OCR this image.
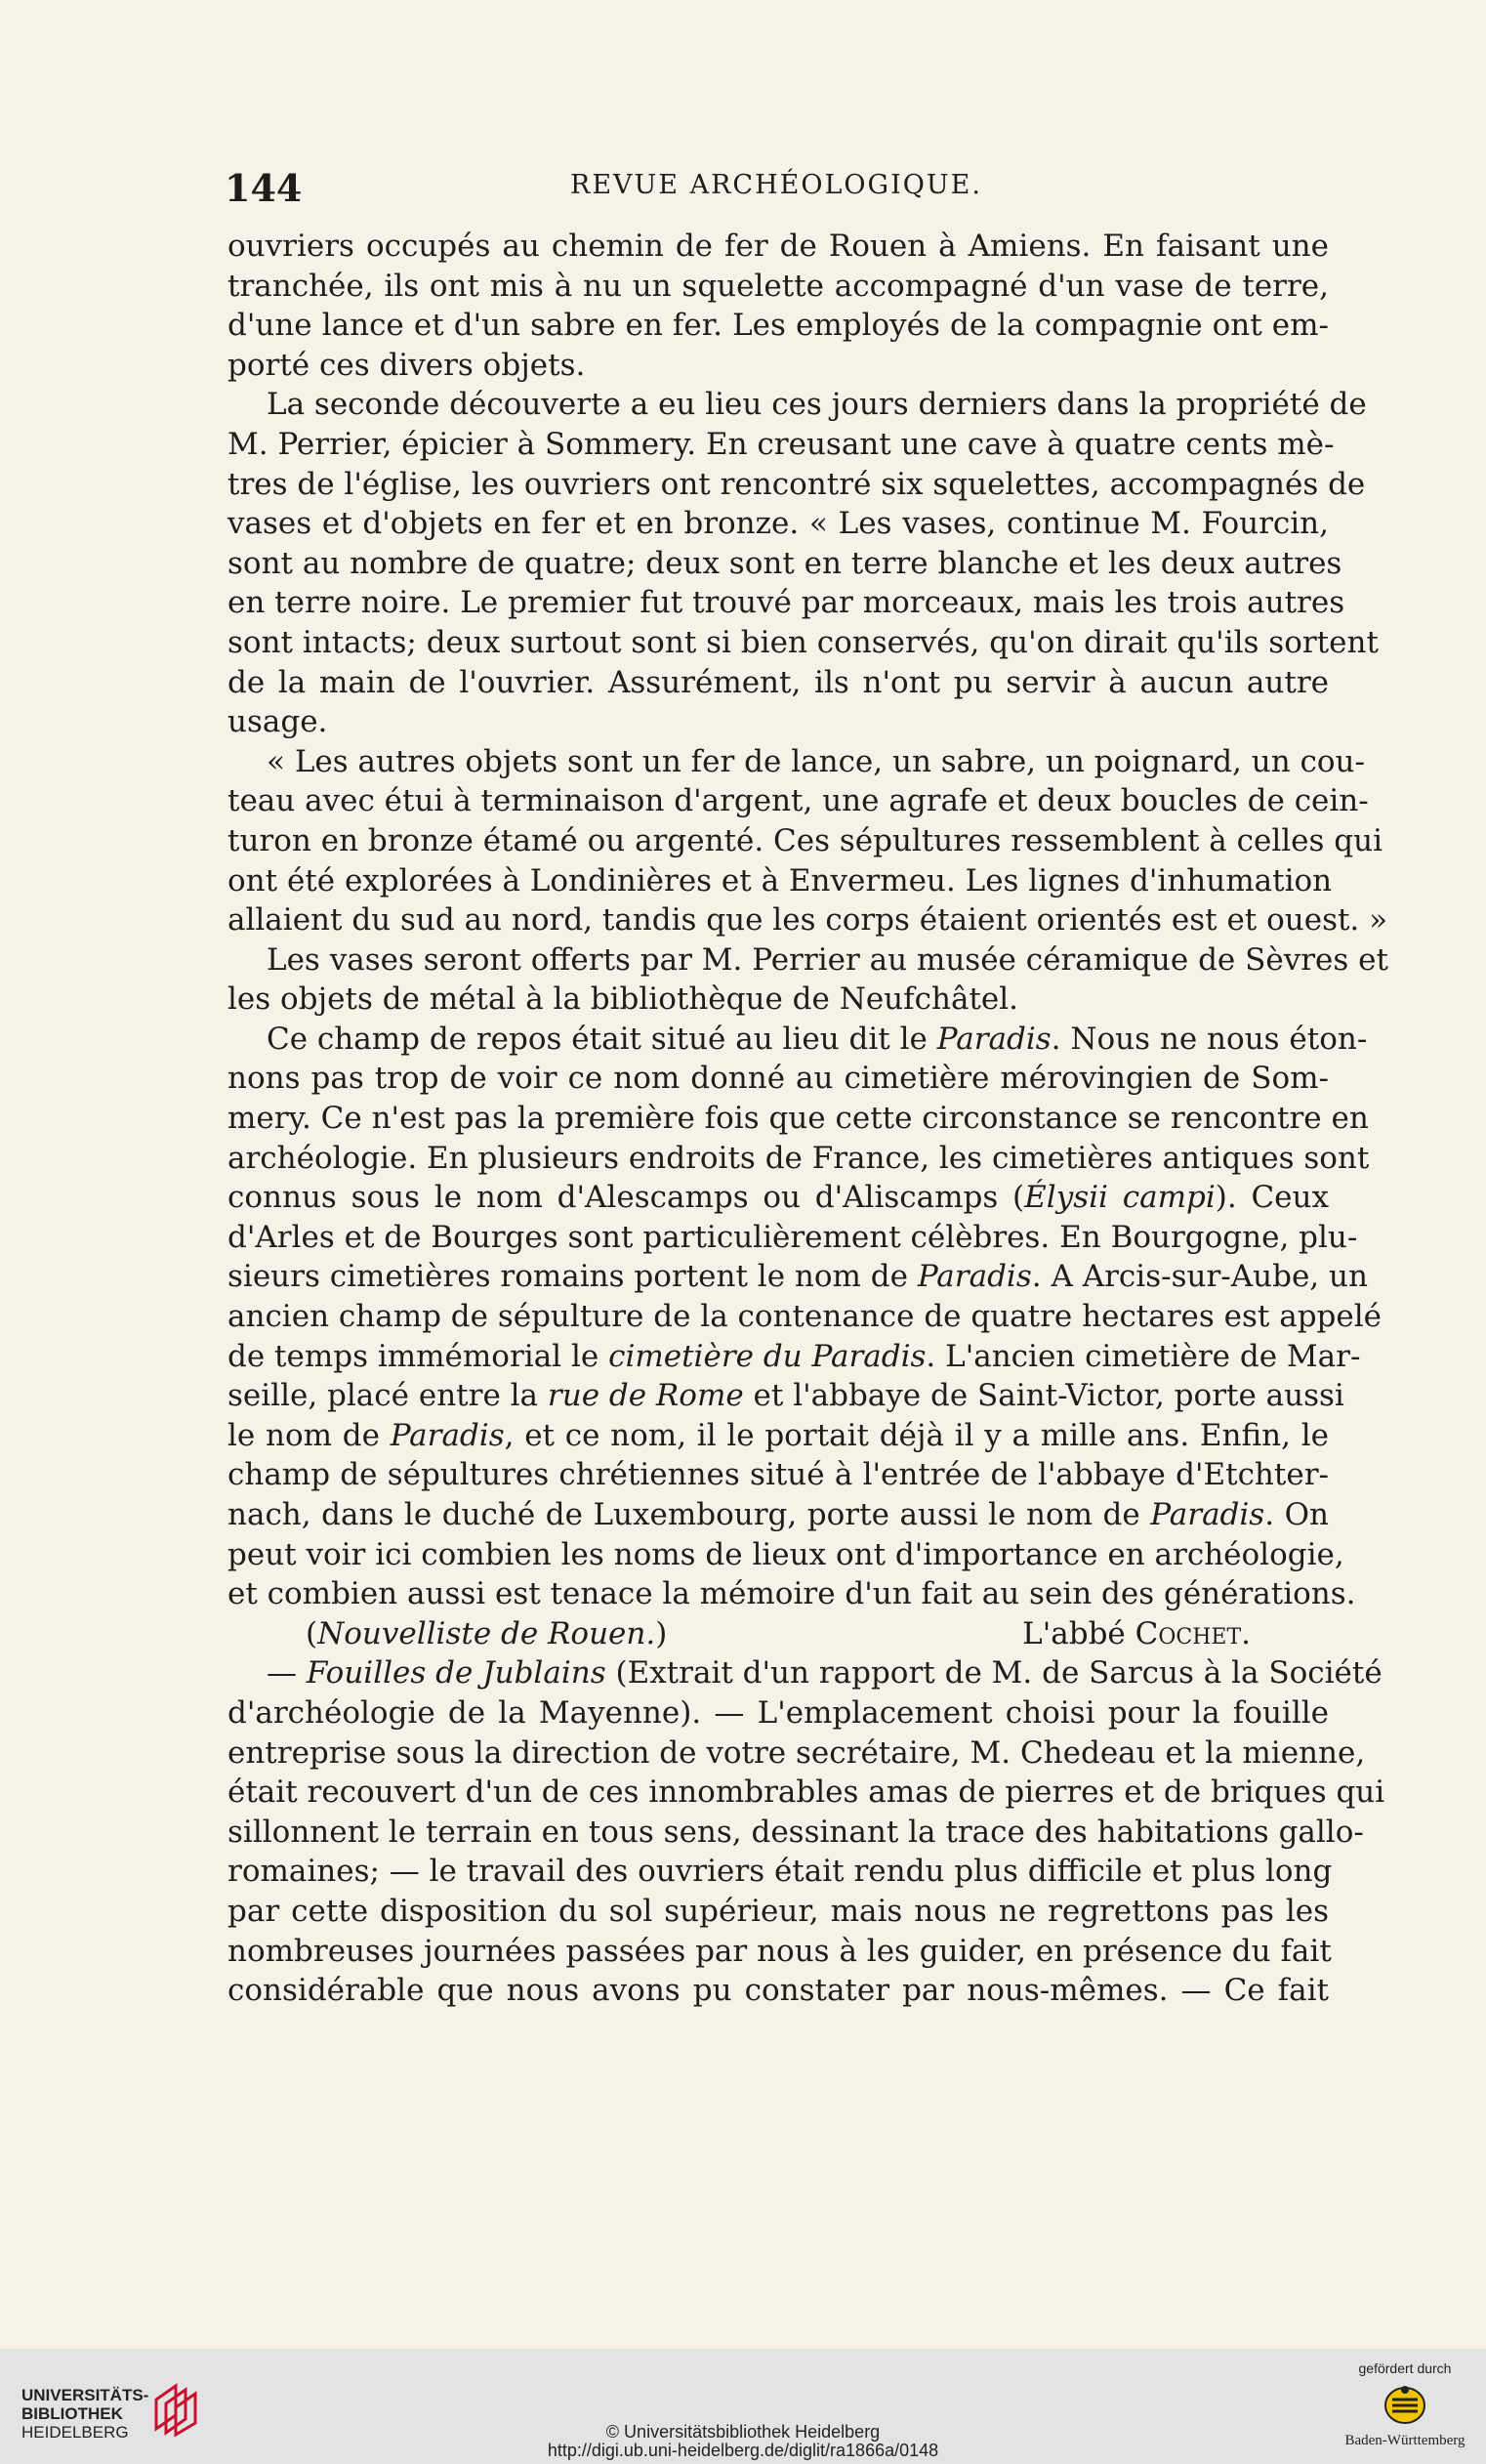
144	REVUE ARCHÉOLOGIQUE.
ouvriers occupés au chemin de fer de Rouen à Amiens. En faisant une
tranchée, ils ont mis à nu un squelette accompagné d'un vase de terre,
d'une lance et d'un sabre en fer. Les employés de la compagnie ont em-
porté ces divers objets.
La seconde découverte a eu lieu ces jours derniers dans la propriété de
M. Perrier, épicier à Sommery. En creusant une cave à quatre cents mè-
tres de l'église, les ouvriers ont rencontré six squelettes, accompagnés de
vases et d'objets en fer et en bronze. « Les vases, continue M. Fourcin,
sont au nombre de quatre; deux sont en terre blanche et les deux autres
en terre noire. Le premier fut trouvé par morceaux, mais les trois autres
sont intacts; deux surtout sont si bien conservés, qu'on dirait qu'ils sortent
de la main de l'ouvrier. Assurément, ils n'ont pu servir à aucun autre
usage.
« Les autres objets sont un fer de lance, un sabre, un poignard, un cou-
teau avec étui à terminaison d'argent, une agrafe et deux boucles de cein-
turon en bronze étamé ou argenté. Ces sépultures ressemblent à celles qui
ont été explorées à Londinières et à Envermeu. Les lignes d'inhumation
allaient du sud au nord, tandis que les corps étaient orientés est et ouest. »
Les vases seront offerts par M. Perrier au musée céramique de Sèvres et
les objets de métal à la bibliothèque de Neufchâtel.
Ce champ de repos était situé au lieu dit le Paradis. Nous ne nous éton-
nons pas trop de voir ce nom donné au cimetière mérovingien de Som-
mery. Ce n'est pas la première fois que cette circonstance se rencontre en
archéologie. En plusieurs endroits de France, les cimetières antiques sont
connus sous le nom d'Alescamps ou d'Aliscamps (Élysii campi). Ceux
d'Arles et de Bourges sont particulièrement célèbres. En Bourgogne, plu-
sieurs cimetières romains portent le nom de Paradis. A Arcis-sur-Aube, un
ancien champ de sépulture de la contenance de quatre hectares est appelé
de temps immémorial le cimetière du Paradis. L'ancien cimetière de Mar-
seille, placé entre la rue de Rome et l'abbaye de Saint-Victor, porte aussi
le nom de Paradis, et ce nom, il le portait déjà il y a mille ans. Enfin, le
champ de sépultures chrétiennes situé à l'entrée de l'abbaye d'Etchter-
nach, dans le duché de Luxembourg, porte aussi le nom de Paradis. On
peut voir ici combien les noms de lieux ont d'importance en archéologie,
et combien aussi est tenace la mémoire d'un fait au sein des générations.
(Nouvelliste de Rouen.)	L'abbé Cochet.
— Fouilles de Jublains (Extrait d'un rapport de M. de Sarcus à la Société
d'archéologie de la Mayenne). — L'emplacement choisi pour la fouille
entreprise sous la direction de votre secrétaire, M. Chedeau et la mienne,
était recouvert d'un de ces innombrables amas de pierres et de briques qui
sillonnent le terrain en tous sens, dessinant la trace des habitations gallo-
romaines; — le travail des ouvriers était rendu plus difficile et plus long
par cette disposition du sol supérieur, mais nous ne regrettons pas les
nombreuses journées passées par nous à les guider, en présence du fait
considérable que nous avons pu constater par nous-mêmes. — Ce fait
UNIVERSITÄTS-
BIBLIOTHEK
HEIDELBERG	© Universitätsbibliothek Heidelberg
http://digi.ub.uni-heidelberg.de/diglit/ra1866a/0148
gefördert durch
Baden-Württemberg
